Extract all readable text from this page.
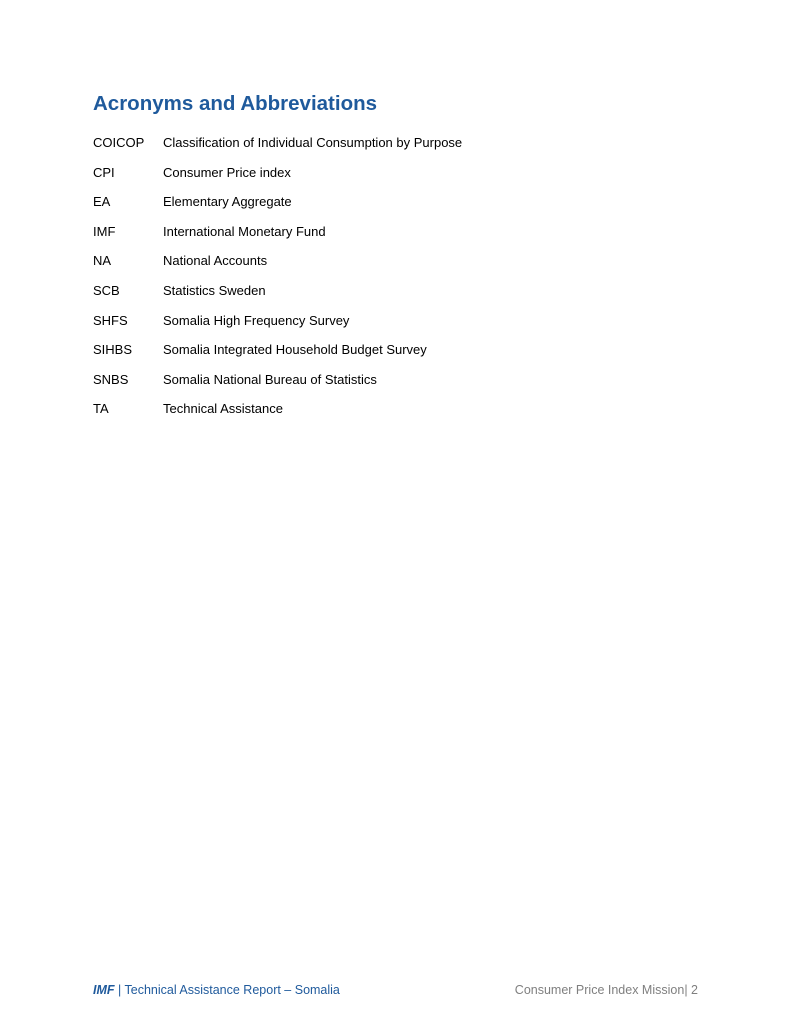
Acronyms and Abbreviations
COICOP	Classification of Individual Consumption by Purpose
CPI	Consumer Price index
EA	Elementary Aggregate
IMF	International Monetary Fund
NA	National Accounts
SCB	Statistics Sweden
SHFS	Somalia High Frequency Survey
SIHBS	Somalia Integrated Household Budget Survey
SNBS	Somalia National Bureau of Statistics
TA	Technical Assistance
IMF | Technical Assistance Report – Somalia	Consumer Price Index Mission| 2
